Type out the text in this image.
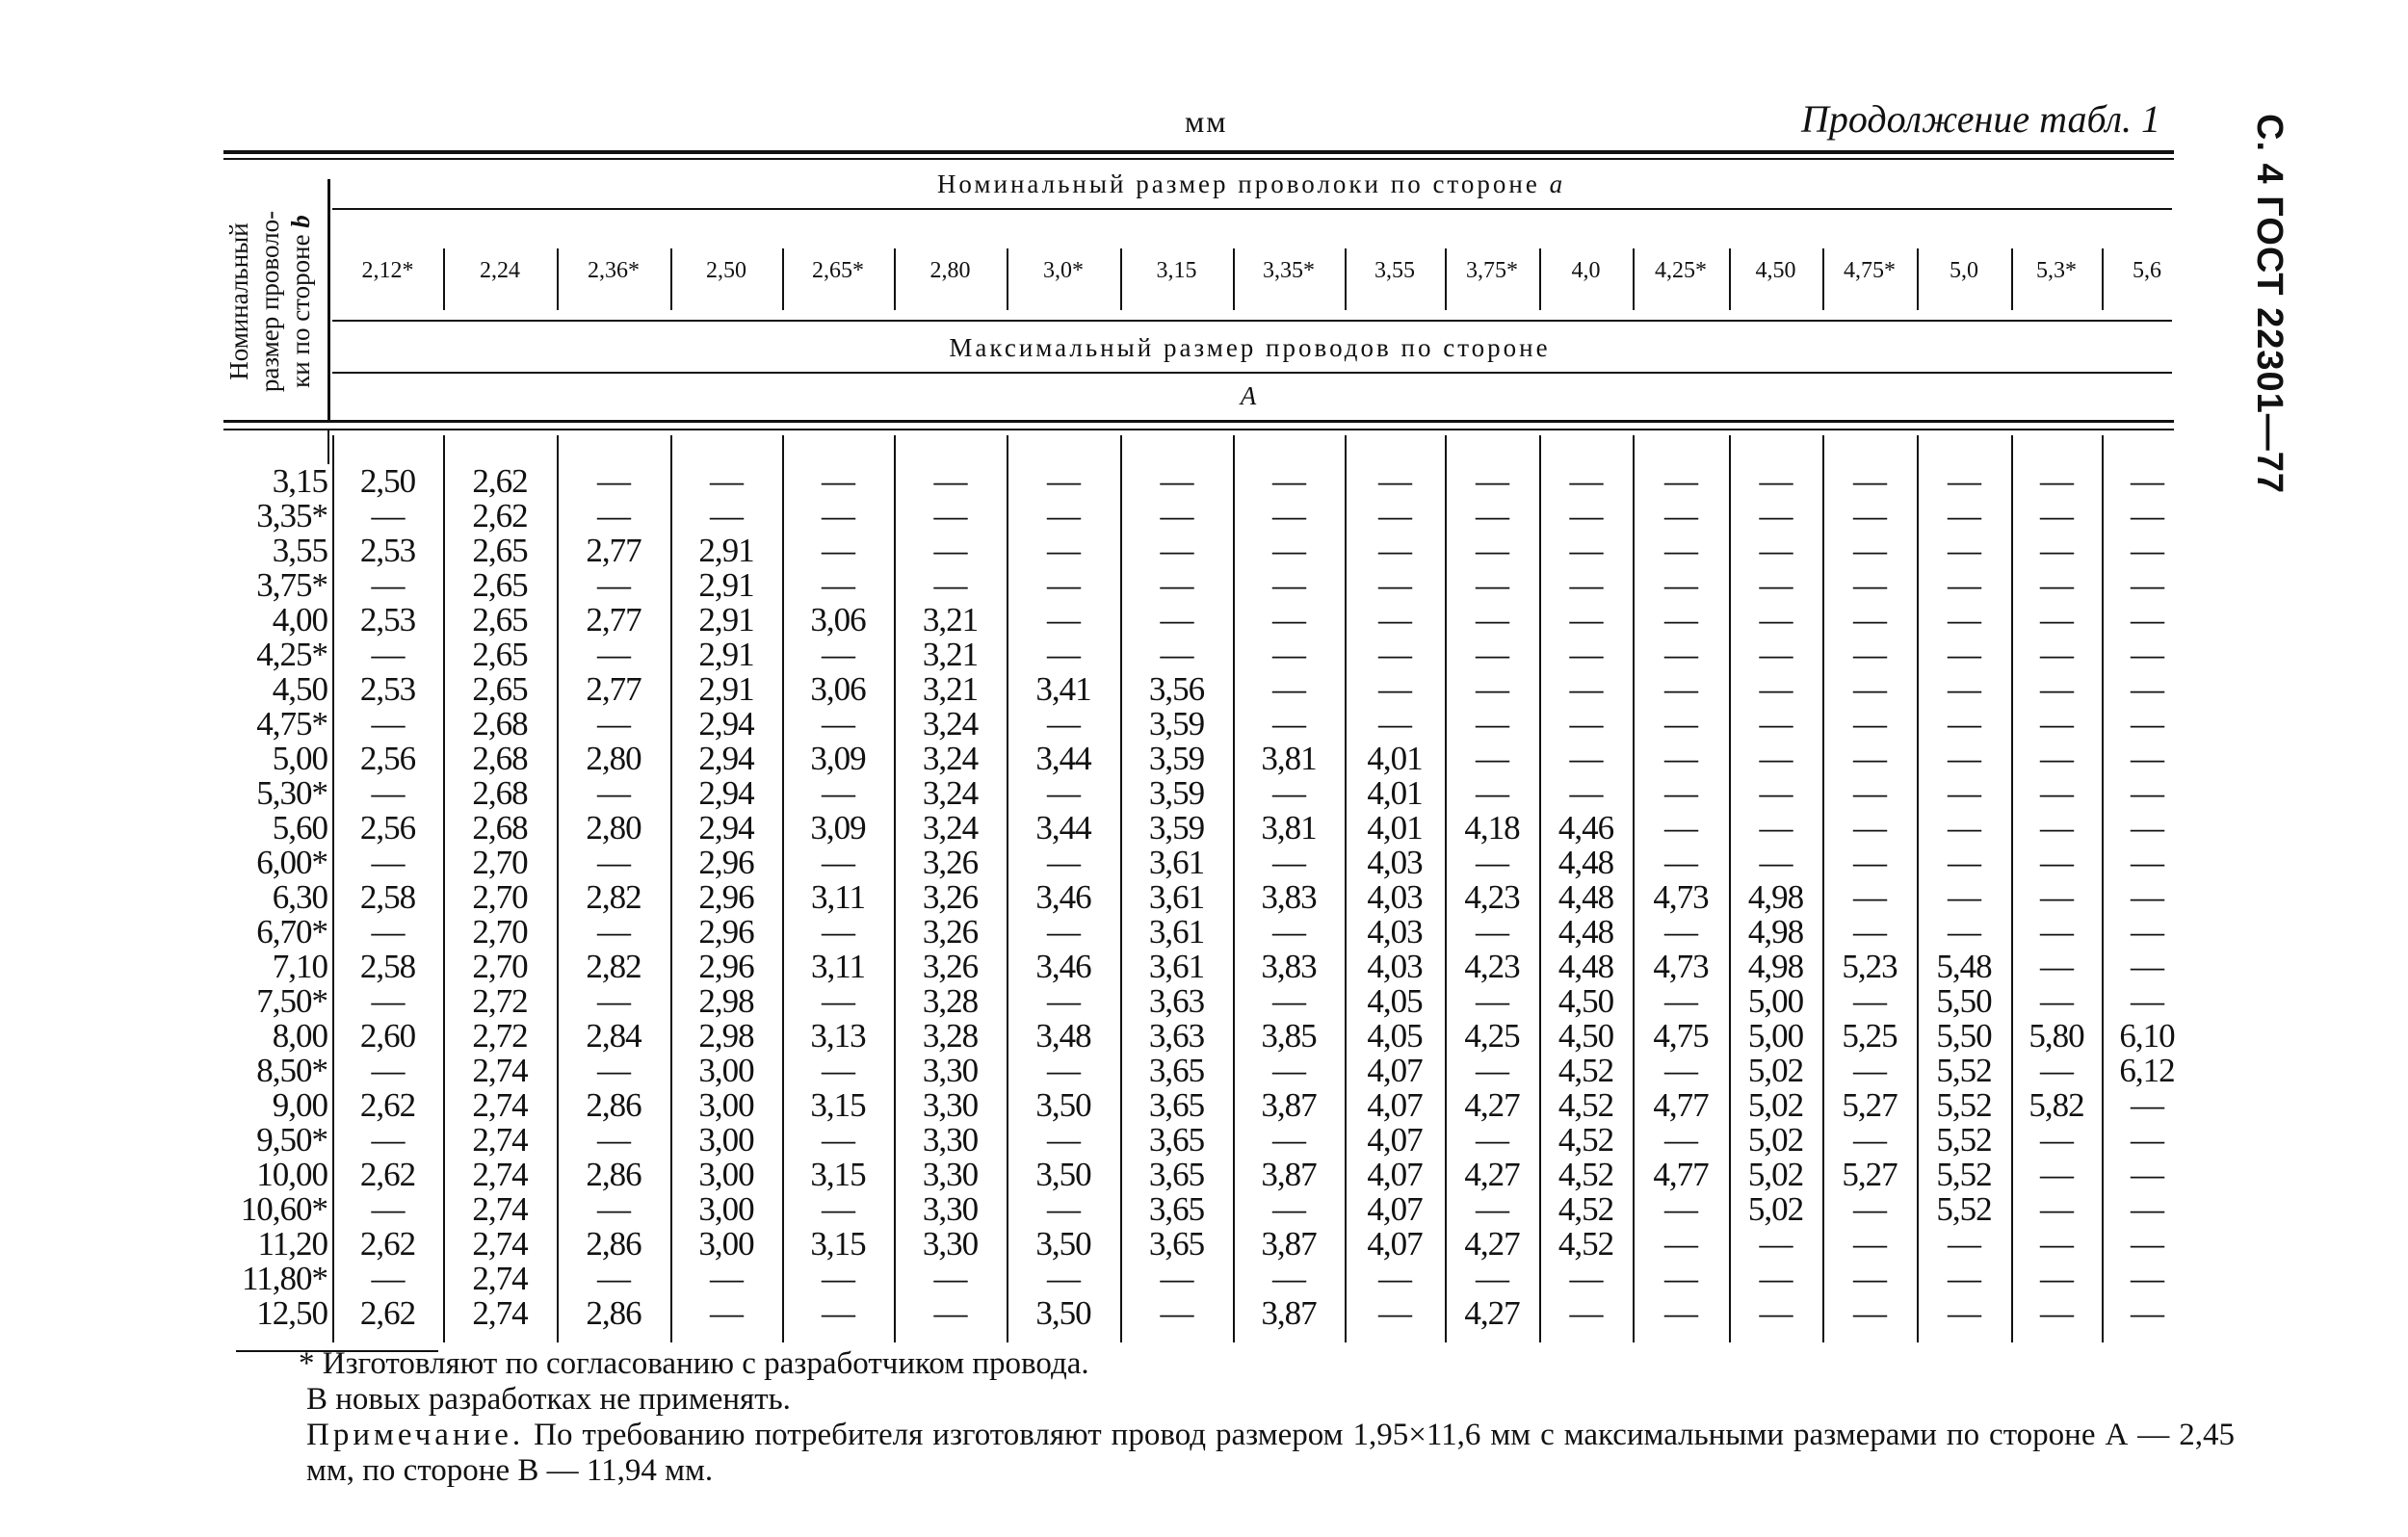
мм	Продолжение табл. 1 С. 4 ГОСТ 22301—77
Номинальный
размер проволо-
ки по стороне b
Номинальный размер проволоки по стороне a
Максимальный размер проводов по стороне
А
2,12*	2,24	2,36*	2,50	2,65*	2,80	3,0*	3,15	3,35*	3,55	3,75*	4,0	4,25*	4,50	4,75*	5,0	5,3*	5,6
3,15 2,50	2,62	—	—	—	—	—	—	—	—	—	—	—	—	—	—	—	—
3,35*	—	2,62	—	—	—	—	—	—	—	—	—	—	—	—	—	—	—	—
3,55 2,53	2,65	2,77	2,91	—	—	—	—	—	—	—	—	—	—	—	—	—	—
3,75*	—	2,65	—	2,91	—	—	—	—	—	—	—	—	—	—	—	—	—	—
4,00 2,53	2,65	2,77	2,91	3,06	3,21	—	—	—	—	—	—	—	—	—	—	—	—
4,25*	—	2,65	—	2,91	—	3,21	—	—	—	—	—	—	—	—	—	—	—	—
4,50 2,53	2,65	2,77	2,91	3,06	3,21	3,41	3,56	—	—	—	—	—	—	—	—	—	—
4,75*	—	2,68	—	2,94	—	3,24	—	3,59	—	—	—	—	—	—	—	—	—	—
5,00 2,56	2,68	2,80	2,94	3,09	3,24	3,44	3,59	3,81	4,01	—	—	—	—	—	—	—	—
5,30*	—	2,68	—	2,94	—	3,24	—	3,59	—	4,01	—	—	—	—	—	—	—	—
5,60 2,56	2,68	2,80	2,94	3,09	3,24	3,44	3,59	3,81	4,01	4,18	4,46	—	—	—	—	—	—
6,00*	—	2,70	—	2,96	—	3,26	—	3,61	—	4,03	—	4,48	—	—	—	—	—	—
6,30 2,58	2,70	2,82	2,96	3,11	3,26	3,46	3,61	3,83	4,03	4,23	4,48	4,73	4,98	—	—	—	—
6,70*	—	2,70	—	2,96	—	3,26	—	3,61	—	4,03	—	4,48	—	4,98	—	—	—	—
7,10 2,58	2,70	2,82	2,96	3,11	3,26	3,46	3,61	3,83	4,03	4,23	4,48	4,73	4,98	5,23	5,48	—	—
7,50*	—	2,72	—	2,98	—	3,28	—	3,63	—	4,05	—	4,50	—	5,00	—	5,50	—	—
8,00 2,60	2,72	2,84	2,98	3,13	3,28	3,48	3,63	3,85	4,05	4,25	4,50	4,75	5,00	5,25	5,50	5,80	6,10
8,50*	—	2,74	—	3,00	—	3,30	—	3,65	—	4,07	—	4,52	—	5,02	—	5,52	—	6,12
9,00 2,62	2,74	2,86	3,00	3,15	3,30	3,50	3,65	3,87	4,07	4,27	4,52	4,77	5,02	5,27	5,52	5,82	—
9,50*	—	2,74	—	3,00	—	3,30	—	3,65	—	4,07	—	4,52	—	5,02	—	5,52	—	—
10,00 2,62	2,74	2,86	3,00	3,15	3,30	3,50	3,65	3,87	4,07	4,27	4,52	4,77	5,02	5,27	5,52	—	—
10,60*	—	2,74	—	3,00	—	3,30	—	3,65	—	4,07	—	4,52	—	5,02	—	5,52	—	—
11,20 2,62	2,74	2,86	3,00	3,15	3,30	3,50	3,65	3,87	4,07	4,27	4,52	—	—	—	—	—	—
11,80*	—	2,74	—	—	—	—	—	—	—	—	—	—	—	—	—	—	—	—
12,50 2,62	2,74	2,86	—	—	—	3,50	—	3,87	—	4,27	—	—	—	—	—	—	—

* Изготовляют по согласованию с разработчиком провода.

В новых разработках не применять.

Примечание. По требованию потребителя изготовляют провод размером 1,95×11,6 мм с максимальными размерами по стороне А — 2,45 мм, по стороне В — 11,94 мм.
